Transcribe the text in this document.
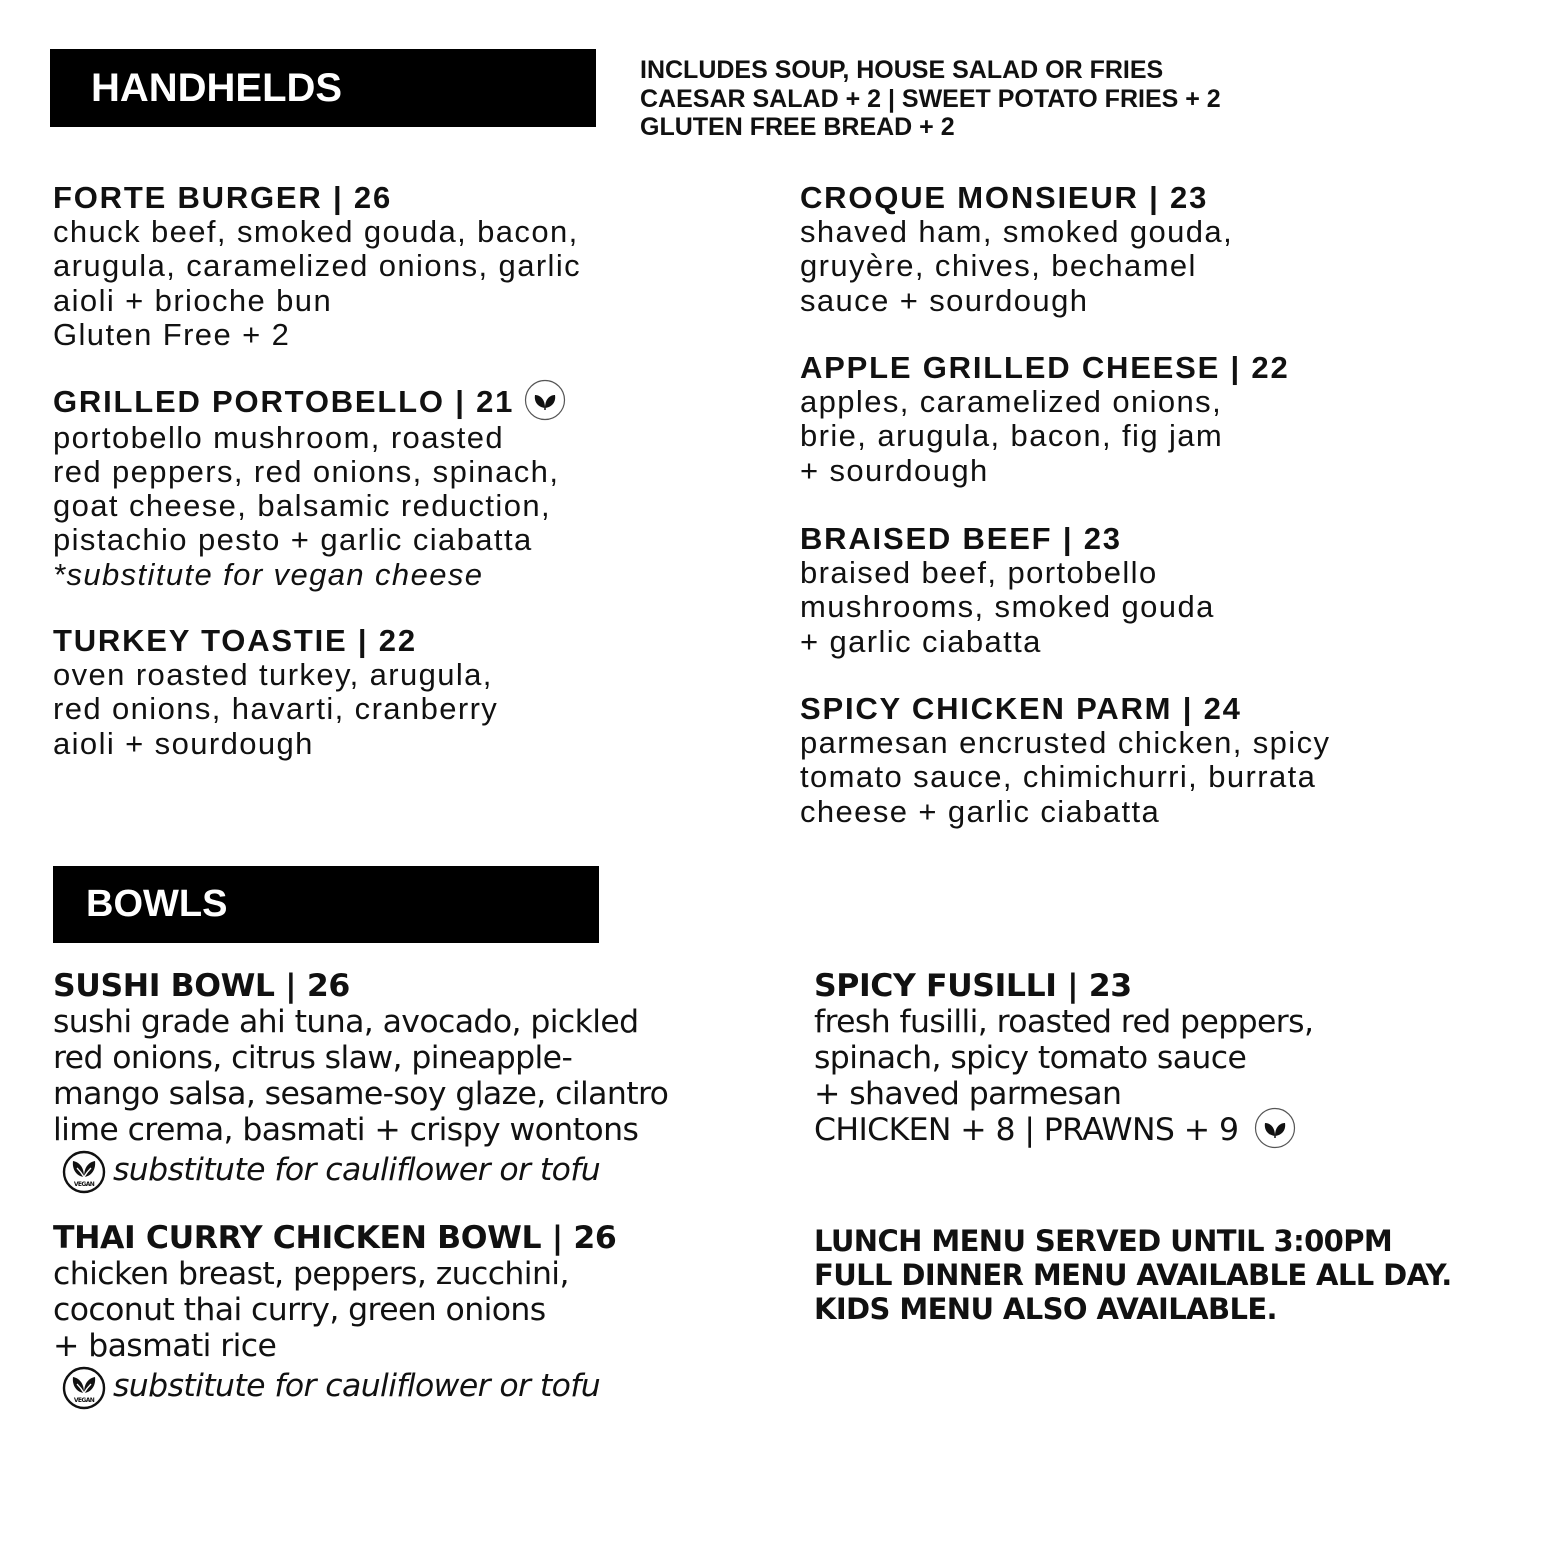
HANDHELDS	INCLUDES SOUP, HOUSE SALAD OR FRIES
CAESAR SALAD + 2 | SWEET POTATO FRIES + 2
GLUTEN FREE BREAD + 2
FORTE BURGER | 26
chuck beef, smoked gouda, bacon,
arugula, caramelized onions, garlic
aioli + brioche bun
Gluten Free + 2
GRILLED PORTOBELLO | 21
portobello mushroom, roasted
red peppers, red onions, spinach,
goat cheese, balsamic reduction,
pistachio pesto + garlic ciabatta
*substitute for vegan cheese
TURKEY TOASTIE | 22
oven roasted turkey, arugula,
red onions, havarti, cranberry
aioli + sourdough
CROQUE MONSIEUR | 23
shaved ham, smoked gouda,
gruyère, chives, bechamel
sauce + sourdough
APPLE GRILLED CHEESE | 22
apples, caramelized onions,
brie, arugula, bacon, fig jam
+ sourdough
BRAISED BEEF | 23
braised beef, portobello
mushrooms, smoked gouda
+ garlic ciabatta
SPICY CHICKEN PARM | 24
parmesan encrusted chicken, spicy
tomato sauce, chimichurri, burrata
cheese + garlic ciabatta
BOWLS
SUSHI BOWL | 26
sushi grade ahi tuna, avocado, pickled
red onions, citrus slaw, pineapple-
mango salsa, sesame-soy glaze, cilantro
lime crema, basmati + crispy wontons
VEGAN substitute for cauliflower or tofu
THAI CURRY CHICKEN BOWL | 26
chicken breast, peppers, zucchini,
coconut thai curry, green onions
+ basmati rice
VEGAN substitute for cauliflower or tofu
SPICY FUSILLI | 23
fresh fusilli, roasted red peppers,
spinach, spicy tomato sauce
+ shaved parmesan
CHICKEN + 8 | PRAWNS + 9
LUNCH MENU SERVED UNTIL 3:00PM
FULL DINNER MENU AVAILABLE ALL DAY.
KIDS MENU ALSO AVAILABLE.
